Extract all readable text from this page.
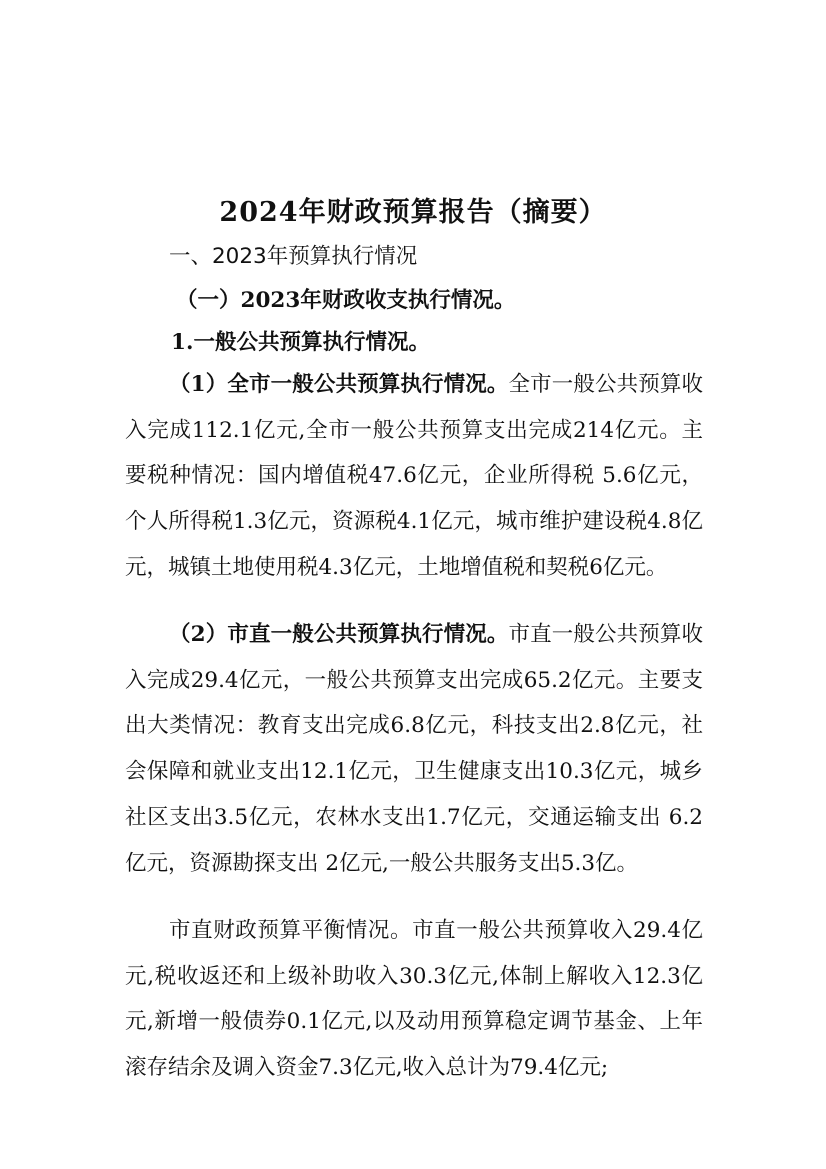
2024年财政预算报告（摘要）
一、2023年预算执行情况
（一）2023年财政收支执行情况。
1.一般公共预算执行情况。
（1）全市一般公共预算执行情况。全市一般公共预算收入完成112.1亿元,全市一般公共预算支出完成214亿元。主要税种情况：国内增值税47.6亿元，企业所得税 5.6亿元，个人所得税1.3亿元，资源税4.1亿元，城市维护建设税4.8亿元，城镇土地使用税4.3亿元，土地增值税和契税6亿元。
（2）市直一般公共预算执行情况。市直一般公共预算收入完成29.4亿元，一般公共预算支出完成65.2亿元。主要支出大类情况：教育支出完成6.8亿元，科技支出2.8亿元，社会保障和就业支出12.1亿元，卫生健康支出10.3亿元，城乡社区支出3.5亿元，农林水支出1.7亿元，交通运输支出 6.2亿元，资源勘探支出 2亿元,一般公共服务支出5.3亿。
市直财政预算平衡情况。市直一般公共预算收入29.4亿元,税收返还和上级补助收入30.3亿元,体制上解收入12.3亿元,新增一般债券0.1亿元,以及动用预算稳定调节基金、上年滚存结余及调入资金7.3亿元,收入总计为79.4亿元;
